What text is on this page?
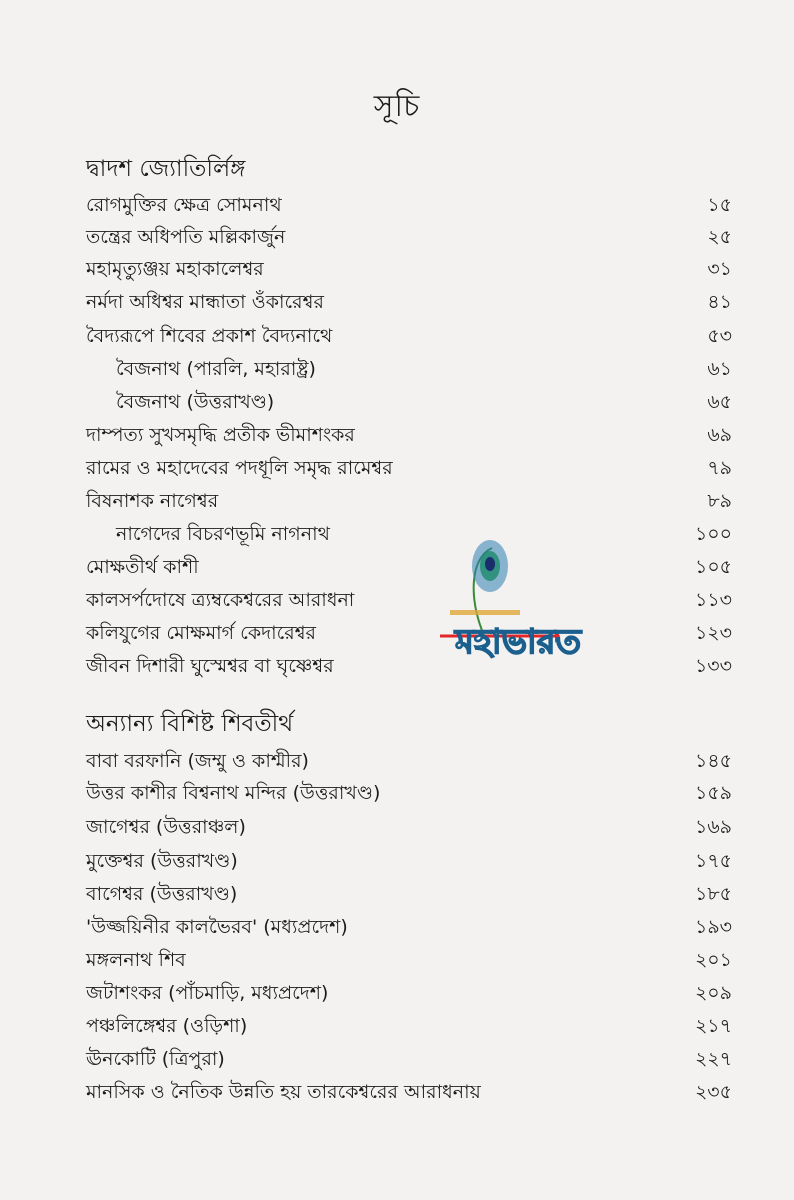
সূচি
দ্বাদশ জ্যোতির্লিঙ্গ
রোগমুক্তির ক্ষেত্র সোমনাথ	১৫
তন্ত্রের অধিপতি মল্লিকার্জুন	২৫
মহামৃত্যুঞ্জয় মহাকালেশ্বর	৩১
নর্মদা অধিশ্বর মান্ধাতা ওঁকারেশ্বর	৪১
বৈদ্যরূপে শিবের প্রকাশ বৈদ্যনাথে	৫৩
বৈজনাথ (পারলি, মহারাষ্ট্র)	৬১
বৈজনাথ (উত্তরাখণ্ড)	৬৫
দাম্পত্য সুখসমৃদ্ধি প্রতীক ভীমাশংকর	৬৯
রামের ও মহাদেবের পদধূলি সমৃদ্ধ রামেশ্বর	৭৯
বিষনাশক নাগেশ্বর	৮৯
নাগেদের বিচরণভূমি নাগনাথ	১০০
মোক্ষতীর্থ কাশী	১০৫
কালসর্পদোষে ত্র্যম্বকেশ্বরের আরাধনা	১১৩
কলিযুগের মোক্ষমার্গ কেদারেশ্বর	১২৩
জীবন দিশারী ঘুস্মেশ্বর বা ঘৃষ্ণেশ্বর	১৩৩
অন্যান্য বিশিষ্ট শিবতীর্থ
বাবা বরফানি (জম্মু ও কাশ্মীর)	১৪৫
উত্তর কাশীর বিশ্বনাথ মন্দির (উত্তরাখণ্ড)	১৫৯
জাগেশ্বর (উত্তরাঞ্চল)	১৬৯
মুক্তেশ্বর (উত্তরাখণ্ড)	১৭৫
বাগেশ্বর (উত্তরাখণ্ড)	১৮৫
'উজ্জয়িনীর কালভৈরব' (মধ্যপ্রদেশ)	১৯৩
মঙ্গলনাথ শিব	২০১
জটাশংকর (পাঁচমাড়ি, মধ্যপ্রদেশ)	২০৯
পঞ্চলিঙ্গেশ্বর (ওড়িশা)	২১৭
ঊনকোটি (ত্রিপুরা)	২২৭
মানসিক ও নৈতিক উন্নতি হয় তারকেশ্বরের আরাধনায়	২৩৫
মহাভারত
